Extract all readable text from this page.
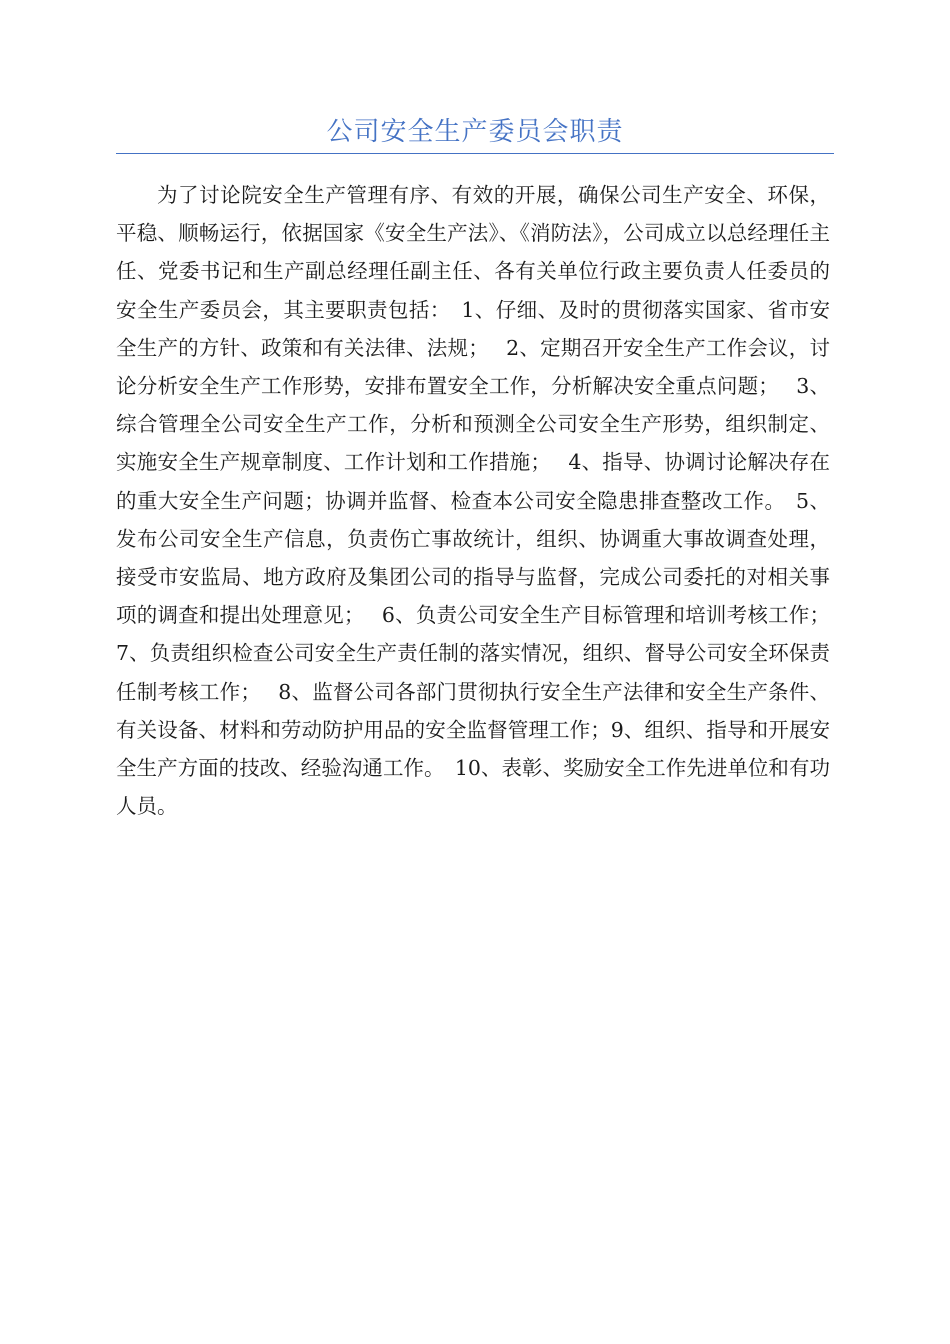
公司安全生产委员会职责

为了讨论院安全生产管理有序、有效的开展，确保公司生产安全、环保，平稳、顺畅运行，依据国家《安全生产法》、《消防法》，公司成立以总经理任主任、党委书记和生产副总经理任副主任、各有关单位行政主要负责人任委员的安全生产委员会，其主要职责包括：　1、仔细、及时的贯彻落实国家、省市安全生产的方针、政策和有关法律、法规；　 2、定期召开安全生产工作会议，讨论分析安全生产工作形势，安排布置安全工作，分析解决安全重点问题；　 3、综合管理全公司安全生产工作，分析和预测全公司安全生产形势，组织制定、实施安全生产规章制度、工作计划和工作措施；　 4、指导、协调讨论解决存在的重大安全生产问题；协调并监督、检查本公司安全隐患排查整改工作。　5、发布公司安全生产信息，负责伤亡事故统计，组织、协调重大事故调查处理，接受市安监局、地方政府及集团公司的指导与监督，完成公司委托的对相关事项的调查和提出处理意见；　 6、负责公司安全生产目标管理和培训考核工作；7、负责组织检查公司安全生产责任制的落实情况，组织、督导公司安全环保责任制考核工作；　 8、监督公司各部门贯彻执行安全生产法律和安全生产条件、有关设备、材料和劳动防护用品的安全监督管理工作；9、组织、指导和开展安全生产方面的技改、经验沟通工作。　10、表彰、奖励安全工作先进单位和有功人员。
